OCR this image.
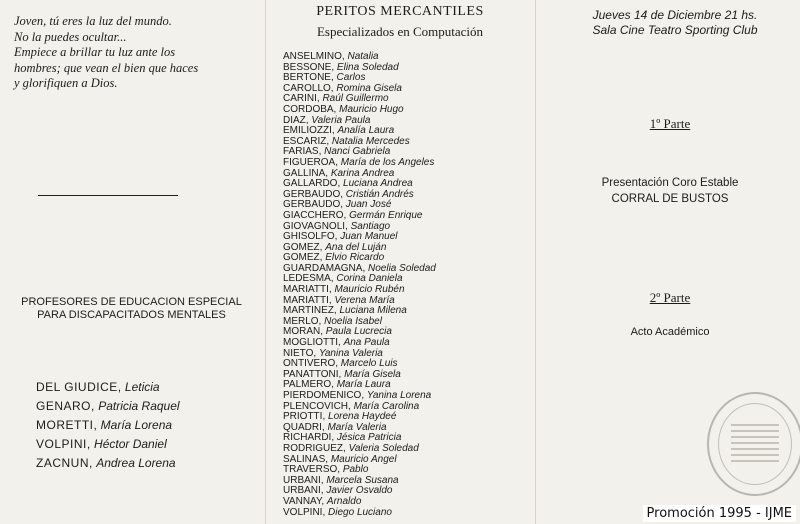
Joven, tú eres la luz del mundo.
No la puedes ocultar...
Empiece a brillar tu luz ante los
hombres; que vean el bien que haces
y glorifiquen a Dios.
PROFESORES DE EDUCACION ESPECIAL
PARA DISCAPACITADOS MENTALES
DEL GIUDICE, Leticia
GENARO, Patricia Raquel
MORETTI, María Lorena
VOLPINI, Héctor Daniel
ZACNUN, Andrea Lorena
PERITOS MERCANTILES
Especializados en Computación
ANSELMINO, Natalia
BESSONE, Elina Soledad
BERTONE, Carlos
CAROLLO, Romina Gisela
CARINI, Raúl Guillermo
CORDOBA, Mauricio Hugo
DIAZ, Valeria Paula
EMILIOZZI, Analía Laura
ESCARIZ, Natalia Mercedes
FARIAS, Nanci Gabriela
FIGUEROA, María de los Angeles
GALLINA, Karina Andrea
GALLARDO, Luciana Andrea
GERBAUDO, Cristián Andrés
GERBAUDO, Juan José
GIACCHERO, Germán Enrique
GIOVAGNOLI, Santiago
GHISOLFO, Juan Manuel
GOMEZ, Ana del Luján
GOMEZ, Elvio Ricardo
GUARDAMAGNA, Noelia Soledad
LEDESMA, Corina Daniela
MARIATTI, Mauricio Rubén
MARIATTI, Verena María
MARTINEZ, Luciana Milena
MERLO, Noelia Isabel
MORAN, Paula Lucrecia
MOGLIOTTI, Ana Paula
NIETO, Yanina Valeria
ONTIVERO, Marcelo Luis
PANATTONI, María Gisela
PALMERO, María Laura
PIERDOMENICO, Yanina Lorena
PLENCOVICH, María Carolina
PRIOTTI, Lorena Haydeé
QUADRI, María Valeria
RICHARDI, Jésica Patricia
RODRIGUEZ, Valeria Soledad
SALINAS, Mauricio Angel
TRAVERSO, Pablo
URBANI, Marcela Susana
URBANI, Javier Osvaldo
VANNAY, Arnaldo
VOLPINI, Diego Luciano
Jueves 14 de Diciembre 21 hs.
Sala Cine Teatro Sporting Club
1º Parte
Presentación Coro Estable
CORRAL DE BUSTOS
2º Parte
Acto Académico
Promoción 1995 - IJME
